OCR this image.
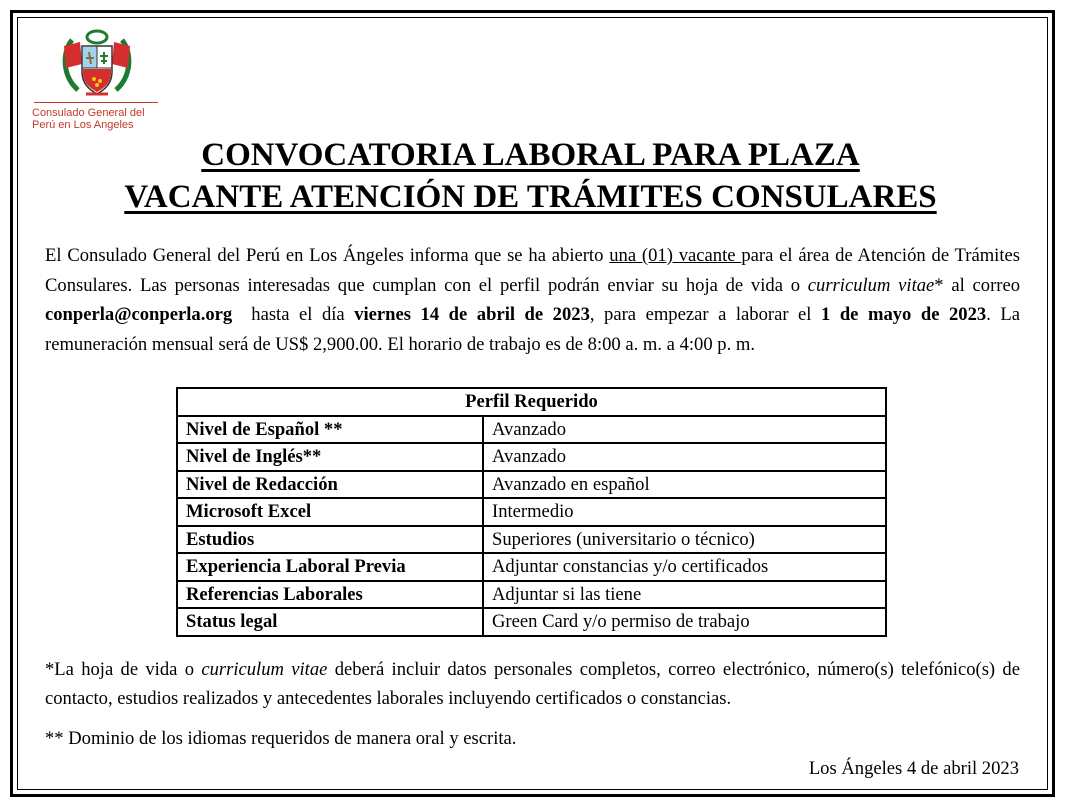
Consulado General del
Perú en Los Angeles
CONVOCATORIA LABORAL PARA PLAZA
VACANTE ATENCIÓN DE TRÁMITES CONSULARES
El Consulado General del Perú en Los Ángeles informa que se ha abierto una (01) vacante para el área de Atención de Trámites Consulares. Las personas interesadas que cumplan con el perfil podrán enviar su hoja de vida o curriculum vitae* al correo conperla@conperla.org  hasta el día viernes 14 de abril de 2023, para empezar a laborar el 1 de mayo de 2023. La remuneración mensual será de US$ 2,900.00. El horario de trabajo es de 8:00 a. m. a 4:00 p. m.
Perfil Requerido	
Nivel de Español **	Avanzado
Nivel de Inglés**	Avanzado
Nivel de Redacción	Avanzado en español
Microsoft Excel	Intermedio
Estudios	Superiores (universitario o técnico)
Experiencia Laboral Previa	Adjuntar constancias y/o certificados
Referencias Laborales	Adjuntar si las tiene
Status legal	Green Card y/o permiso de trabajo
*La hoja de vida o curriculum vitae deberá incluir datos personales completos, correo electrónico, número(s) telefónico(s) de contacto, estudios realizados y antecedentes laborales incluyendo certificados o constancias.
** Dominio de los idiomas requeridos de manera oral y escrita.
Los Ángeles 4 de abril 2023
